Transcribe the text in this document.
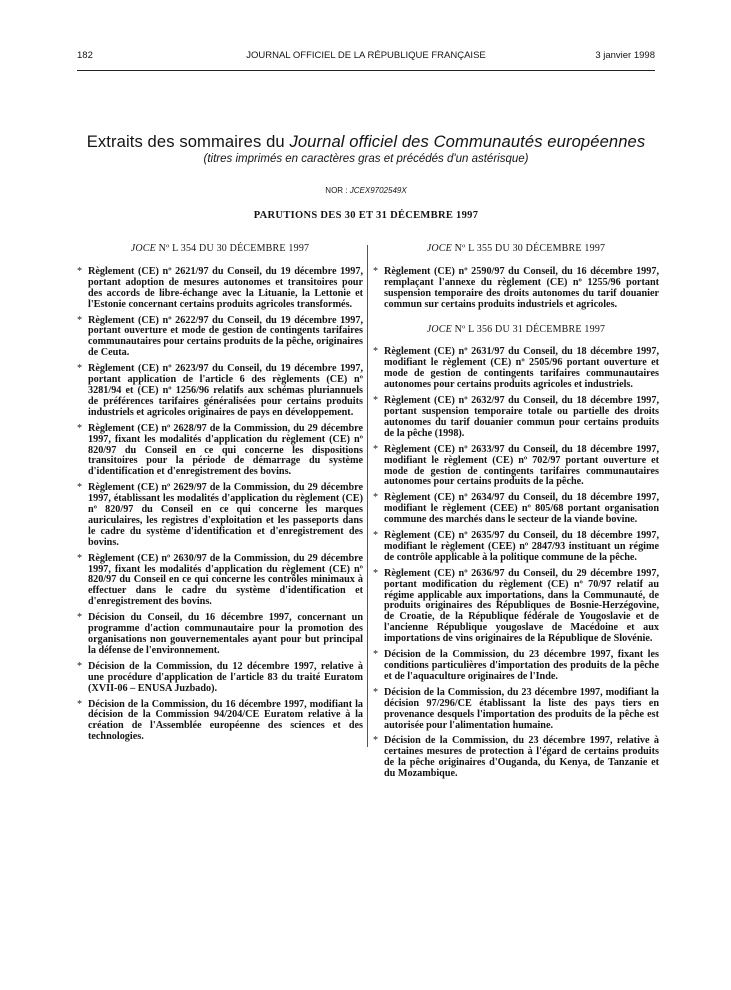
182	JOURNAL OFFICIEL DE LA RÉPUBLIQUE FRANÇAISE	3 janvier 1998
Extraits des sommaires du Journal officiel des Communautés européennes
(titres imprimés en caractères gras et précédés d'un astérisque)
NOR : JCEX9702549X
PARUTIONS DES 30 ET 31 DÉCEMBRE 1997
JOCE Nº L 354 DU 30 DÉCEMBRE 1997
* Règlement (CE) nº 2621/97 du Conseil, du 19 décembre 1997, portant adoption de mesures autonomes et transitoires pour des accords de libre-échange avec la Lituanie, la Lettonie et l'Estonie concernant certains produits agricoles transformés.
* Règlement (CE) nº 2622/97 du Conseil, du 19 décembre 1997, portant ouverture et mode de gestion de contingents tarifaires communautaires pour certains produits de la pêche, originaires de Ceuta.
* Règlement (CE) nº 2623/97 du Conseil, du 19 décembre 1997, portant application de l'article 6 des règlements (CE) nº 3281/94 et (CE) nº 1256/96 relatifs aux schémas pluriannuels de préférences tarifaires généralisées pour certains produits industriels et agricoles originaires de pays en développement.
* Règlement (CE) nº 2628/97 de la Commission, du 29 décembre 1997, fixant les modalités d'application du règlement (CE) nº 820/97 du Conseil en ce qui concerne les dispositions transitoires pour la période de démarrage du système d'identification et d'enregistrement des bovins.
* Règlement (CE) nº 2629/97 de la Commission, du 29 décembre 1997, établissant les modalités d'application du règlement (CE) nº 820/97 du Conseil en ce qui concerne les marques auriculaires, les registres d'exploitation et les passeports dans le cadre du système d'identification et d'enregistrement des bovins.
* Règlement (CE) nº 2630/97 de la Commission, du 29 décembre 1997, fixant les modalités d'application du règlement (CE) nº 820/97 du Conseil en ce qui concerne les contrôles minimaux à effectuer dans le cadre du système d'identification et d'enregistrement des bovins.
* Décision du Conseil, du 16 décembre 1997, concernant un programme d'action communautaire pour la promotion des organisations non gouvernementales ayant pour but principal la défense de l'environnement.
* Décision de la Commission, du 12 décembre 1997, relative à une procédure d'application de l'article 83 du traité Euratom (XVII-06 – ENUSA Juzbado).
* Décision de la Commission, du 16 décembre 1997, modifiant la décision de la Commission 94/204/CE Euratom relative à la création de l'Assemblée européenne des sciences et des technologies.
JOCE Nº L 355 DU 30 DÉCEMBRE 1997
* Règlement (CE) nº 2590/97 du Conseil, du 16 décembre 1997, remplaçant l'annexe du règlement (CE) nº 1255/96 portant suspension temporaire des droits autonomes du tarif douanier commun sur certains produits industriels et agricoles.
JOCE Nº L 356 DU 31 DÉCEMBRE 1997
* Règlement (CE) nº 2631/97 du Conseil, du 18 décembre 1997, modifiant le règlement (CE) nº 2505/96 portant ouverture et mode de gestion de contingents tarifaires communautaires autonomes pour certains produits agricoles et industriels.
* Règlement (CE) nº 2632/97 du Conseil, du 18 décembre 1997, portant suspension temporaire totale ou partielle des droits autonomes du tarif douanier commun pour certains produits de la pêche (1998).
* Règlement (CE) nº 2633/97 du Conseil, du 18 décembre 1997, modifiant le règlement (CE) nº 702/97 portant ouverture et mode de gestion de contingents tarifaires communautaires autonomes pour certains produits de la pêche.
* Règlement (CE) nº 2634/97 du Conseil, du 18 décembre 1997, modifiant le règlement (CEE) nº 805/68 portant organisation commune des marchés dans le secteur de la viande bovine.
* Règlement (CE) nº 2635/97 du Conseil, du 18 décembre 1997, modifiant le règlement (CEE) nº 2847/93 instituant un régime de contrôle applicable à la politique commune de la pêche.
* Règlement (CE) nº 2636/97 du Conseil, du 29 décembre 1997, portant modification du règlement (CE) nº 70/97 relatif au régime applicable aux importations, dans la Communauté, de produits originaires des Républiques de Bosnie-Herzégovine, de Croatie, de la République fédérale de Yougoslavie et de l'ancienne République yougoslave de Macédoine et aux importations de vins originaires de la République de Slovénie.
* Décision de la Commission, du 23 décembre 1997, fixant les conditions particulières d'importation des produits de la pêche et de l'aquaculture originaires de l'Inde.
* Décision de la Commission, du 23 décembre 1997, modifiant la décision 97/296/CE établissant la liste des pays tiers en provenance desquels l'importation des produits de la pêche est autorisée pour l'alimentation humaine.
* Décision de la Commission, du 23 décembre 1997, relative à certaines mesures de protection à l'égard de certains produits de la pêche originaires d'Ouganda, du Kenya, de Tanzanie et du Mozambique.
